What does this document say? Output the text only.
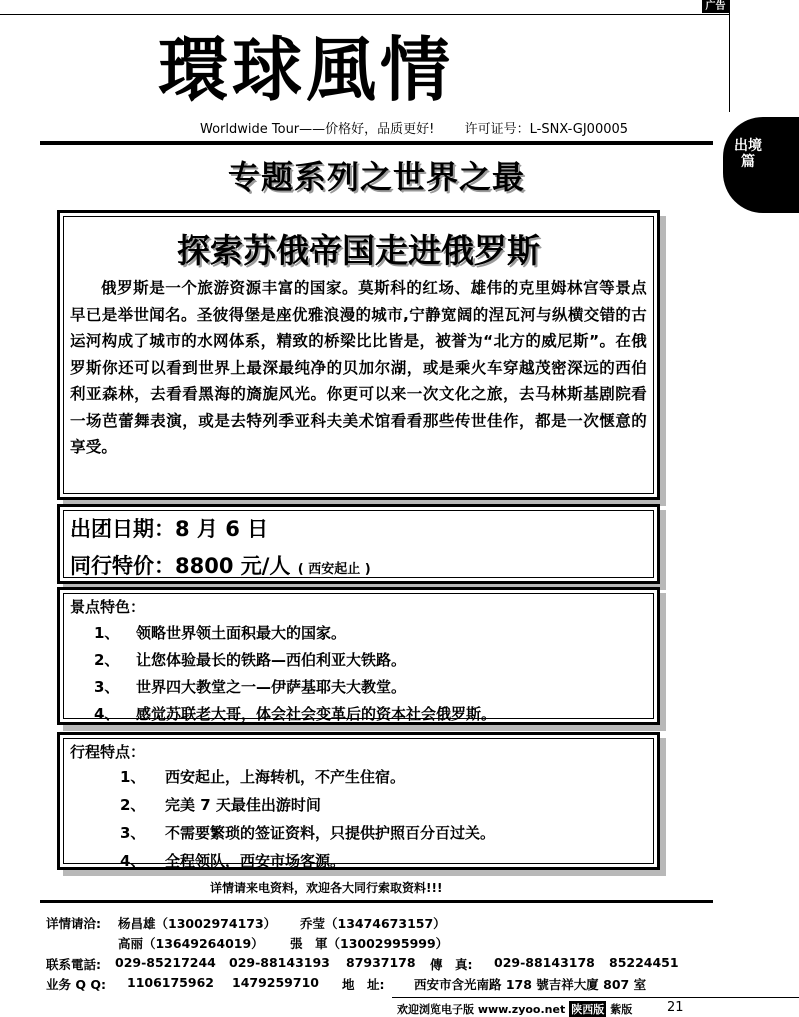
广告
出境篇
環球風情
Worldwide Tour——价格好，品质更好! 许可证号：L-SNX-GJ00005
专题系列之世界之最
探索苏俄帝国走进俄罗斯
俄罗斯是一个旅游资源丰富的国家。莫斯科的红场、雄伟的克里姆林宫等景点早已是举世闻名。圣彼得堡是座优雅浪漫的城市,宁静宽阔的涅瓦河与纵横交错的古运河构成了城市的水网体系，精致的桥梁比比皆是，被誉为“北方的威尼斯”。在俄罗斯你还可以看到世界上最深最纯净的贝加尔湖，或是乘火车穿越茂密深远的西伯利亚森林，去看看黑海的旖旎风光。你更可以来一次文化之旅，去马林斯基剧院看一场芭蕾舞表演，或是去特列季亚科夫美术馆看看那些传世佳作，都是一次惬意的享受。
出团日期：8 月 6 日
同行特价：8800 元/人 ( 西安起止 )
景点特色：
1、 领略世界领土面积最大的国家。
2、 让您体验最长的铁路—西伯利亚大铁路。
3、 世界四大教堂之一—伊萨基耶夫大教堂。
4、 感觉苏联老大哥，体会社会变革后的资本社会俄罗斯。
行程特点：
1、 西安起止，上海转机，不产生住宿。
2、 完美 7 天最佳出游时间
3、 不需要繁琐的签证资料，只提供护照百分百过关。
4、 全程领队，西安市场客源。
详情请来电资料，欢迎各大同行索取资料!!!
详情请洽: 杨昌雄（13002974173） 乔莹（13474673157）
高丽（13649264019） 張　軍（13002995999）
联系電話: 029-85217244 029-88143193 87937178 傳　真: 029-88143178 85224451
业务 Q Q: 1106175962 1479259710 地　址: 西安市含光南路 178 號吉祥大廈 807 室
欢迎浏览电子版 www.zyoo.net 陕西版 紫版	21
